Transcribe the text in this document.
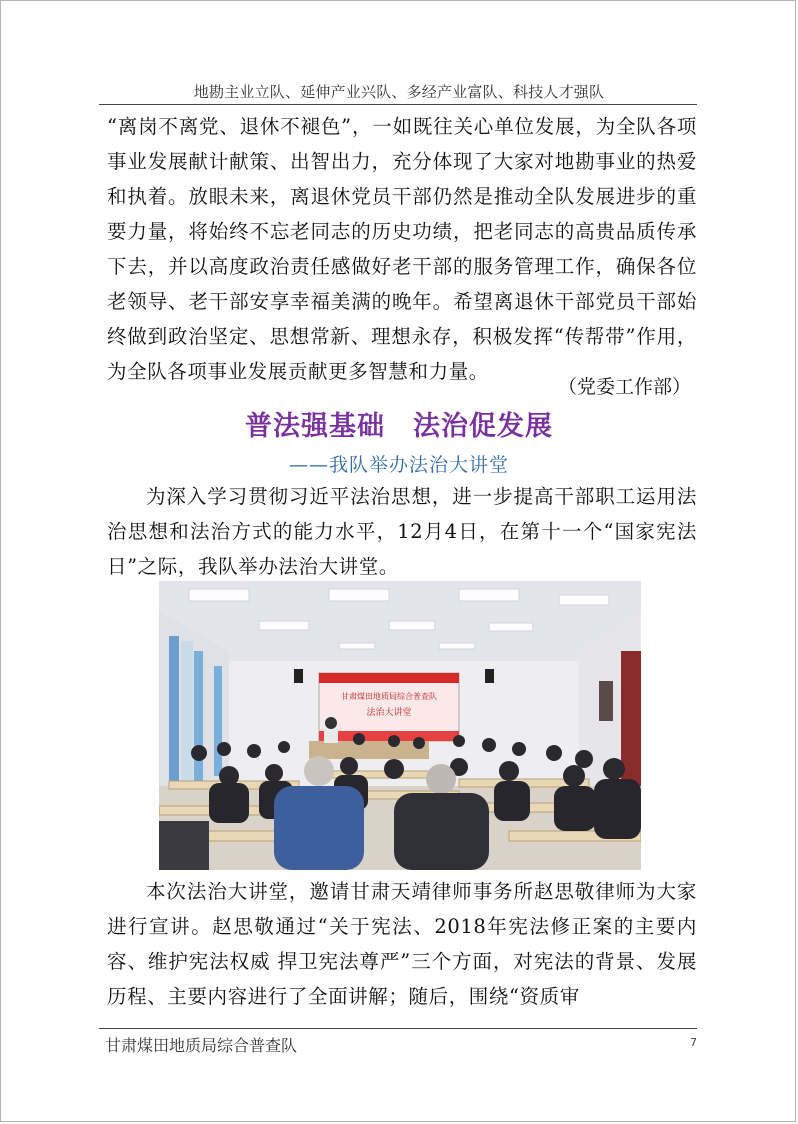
地勘主业立队、延伸产业兴队、多经产业富队、科技人才强队

“离岗不离党、退休不褪色”，一如既往关心单位发展，为全队各项事业发展献计献策、出智出力，充分体现了大家对地勘事业的热爱和执着。放眼未来，离退休党员干部仍然是推动全队发展进步的重要力量，将始终不忘老同志的历史功绩，把老同志的高贵品质传承下去，并以高度政治责任感做好老干部的服务管理工作，确保各位老领导、老干部安享幸福美满的晚年。希望离退休干部党员干部始终做到政治坚定、思想常新、理想永存，积极发挥“传帮带”作用，为全队各项事业发展贡献更多智慧和力量。

（党委工作部）
普法强基础　法治促发展
——我队举办法治大讲堂

为深入学习贯彻习近平法治思想，进一步提高干部职工运用法治思想和法治方式的能力水平，12月4日，在第十一个“国家宪法日”之际，我队举办法治大讲堂。

甘肃煤田地质局综合普查队
法治大讲堂

本次法治大讲堂，邀请甘肃天靖律师事务所赵思敬律师为大家进行宣讲。赵思敬通过“关于宪法、2018年宪法修正案的主要内容、维护宪法权威 捍卫宪法尊严”三个方面，对宪法的背景、发展历程、主要内容进行了全面讲解；随后，围绕“资质审

甘肃煤田地质局综合普查队	7
